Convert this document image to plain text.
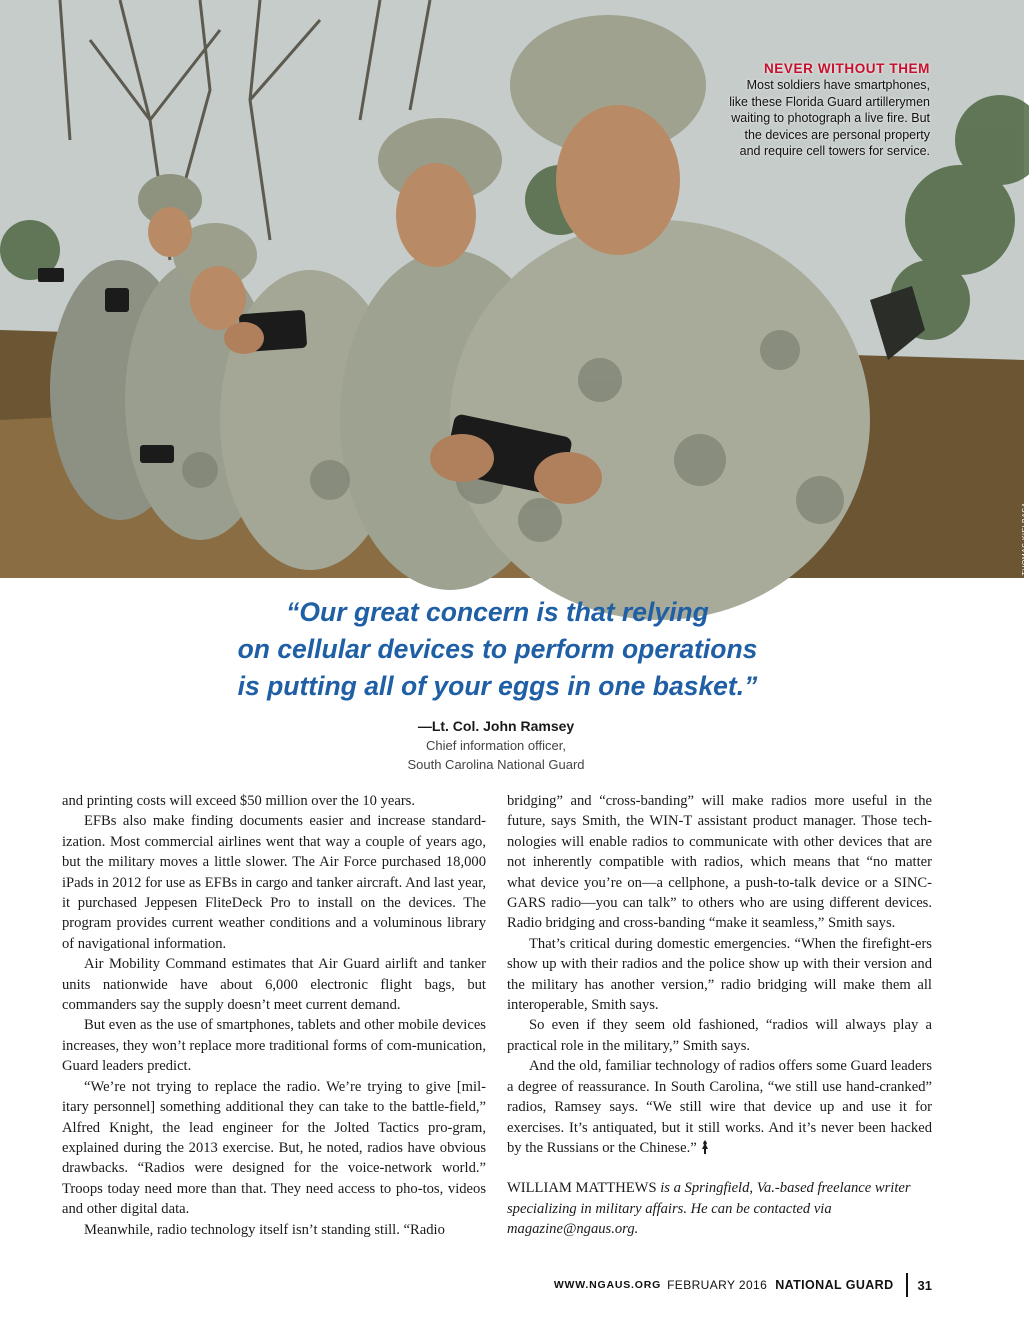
NEVER WITHOUT THEM
Most soldiers have smartphones,
like these Florida Guard artillerymen
waiting to photograph a live fire. But
the devices are personal property
and require cell towers for service.
MASTER SGT. THOMAS KIELBASA
“Our great concern is that relying
on cellular devices to perform operations
is putting all of your eggs in one basket.”
—Lt. Col. John Ramsey
Chief information officer,
South Carolina National Guard

and printing costs will exceed $50 million over the 10 years.

EFBs also make finding documents easier and increase standard-ization. Most commercial airlines went that way a couple of years ago, but the military moves a little slower. The Air Force purchased 18,000 iPads in 2012 for use as EFBs in cargo and tanker aircraft. And last year, it purchased Jeppesen FliteDeck Pro to install on the devices. The program provides current weather conditions and a voluminous library of navigational information.

Air Mobility Command estimates that Air Guard airlift and tanker units nationwide have about 6,000 electronic flight bags, but commanders say the supply doesn’t meet current demand.

But even as the use of smartphones, tablets and other mobile devices increases, they won’t replace more traditional forms of com-munication, Guard leaders predict.

“We’re not trying to replace the radio. We’re trying to give [mil-itary personnel] something additional they can take to the battle-field,” Alfred Knight, the lead engineer for the Jolted Tactics pro-gram, explained during the 2013 exercise. But, he noted, radios have obvious drawbacks. “Radios were designed for the voice-network world.” Troops today need more than that. They need access to pho-tos, videos and other digital data.

Meanwhile, radio technology itself isn’t standing still. “Radio

bridging” and “cross-banding” will make radios more useful in the future, says Smith, the WIN-T assistant product manager. Those tech-nologies will enable radios to communicate with other devices that are not inherently compatible with radios, which means that “no matter what device you’re on—a cellphone, a push-to-talk device or a SINC-GARS radio—you can talk” to others who are using different devices. Radio bridging and cross-banding “make it seamless,” Smith says.

That’s critical during domestic emergencies. “When the firefight-ers show up with their radios and the police show up with their version and the military has another version,” radio bridging will make them all interoperable, Smith says.

So even if they seem old fashioned, “radios will always play a practical role in the military,” Smith says.

And the old, familiar technology of radios offers some Guard leaders a degree of reassurance. In South Carolina, “we still use hand-cranked” radios, Ramsey says. “We still wire that device up and use it for exercises. It’s antiquated, but it still works. And it’s never been hacked by the Russians or the Chinese.”

WILLIAM MATTHEWS is a Springfield, Va.-based freelance writer specializing in military affairs. He can be contacted via magazine@ngaus.org.

WWW.NGAUS.ORG FEBRUARY 2016 NATIONAL GUARD 31
